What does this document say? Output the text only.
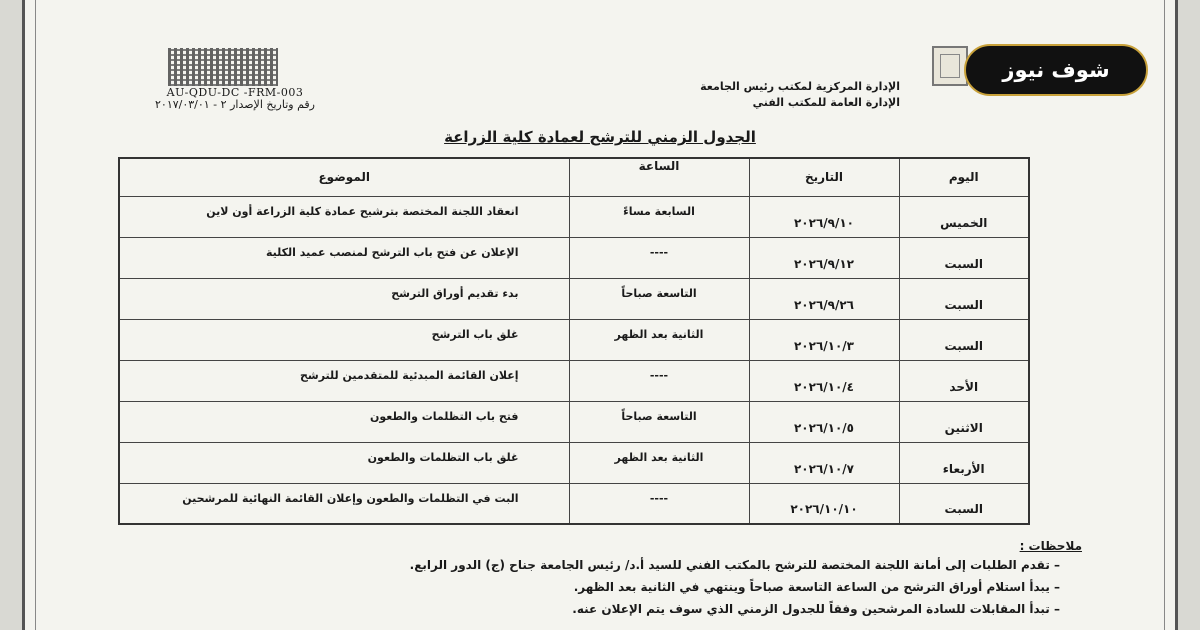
AU-QDU-DC -FRM-003
رقم وتاريخ الإصدار ٢ - ٢٠١٧/٠٣/٠١
الإدارة المركزية لمكتب رئيس الجامعة
الإدارة العامة للمكتب الفني
شوف نيوز
الجدول الزمني للترشح لعمادة كلية الزراعة
اليوم	التاريخ	الساعة	الموضوع
الخميس	٢٠٢٦/٩/١٠	السابعة مساءً	انعقاد اللجنة المختصة بترشيح عمادة كلية الزراعة أون لاين
السبت	٢٠٢٦/٩/١٢	----	الإعلان عن فتح باب الترشح لمنصب عميد الكلية
السبت	٢٠٢٦/٩/٢٦	التاسعة صباحاً	بدء تقديم أوراق الترشح
السبت	٢٠٢٦/١٠/٣	الثانية بعد الظهر	غلق باب الترشح
الأحد	٢٠٢٦/١٠/٤	----	إعلان القائمة المبدئية للمتقدمين للترشح
الاثنين	٢٠٢٦/١٠/٥	التاسعة صباحاً	فتح باب التظلمات والطعون
الأربعاء	٢٠٢٦/١٠/٧	الثانية بعد الظهر	غلق باب التظلمات والطعون
السبت	٢٠٢٦/١٠/١٠	----	البت في التظلمات والطعون وإعلان القائمة النهائية للمرشحين
ملاحظات :
– تقدم الطلبات إلى أمانة اللجنة المختصة للترشح بالمكتب الفني للسيد أ.د/ رئيس الجامعة جناح (ج) الدور الرابع.
– يبدأ استلام أوراق الترشح من الساعة التاسعة صباحاً وينتهي في الثانية بعد الظهر.
– تبدأ المقابلات للسادة المرشحين وفقاً للجدول الزمني الذي سوف يتم الإعلان عنه.
